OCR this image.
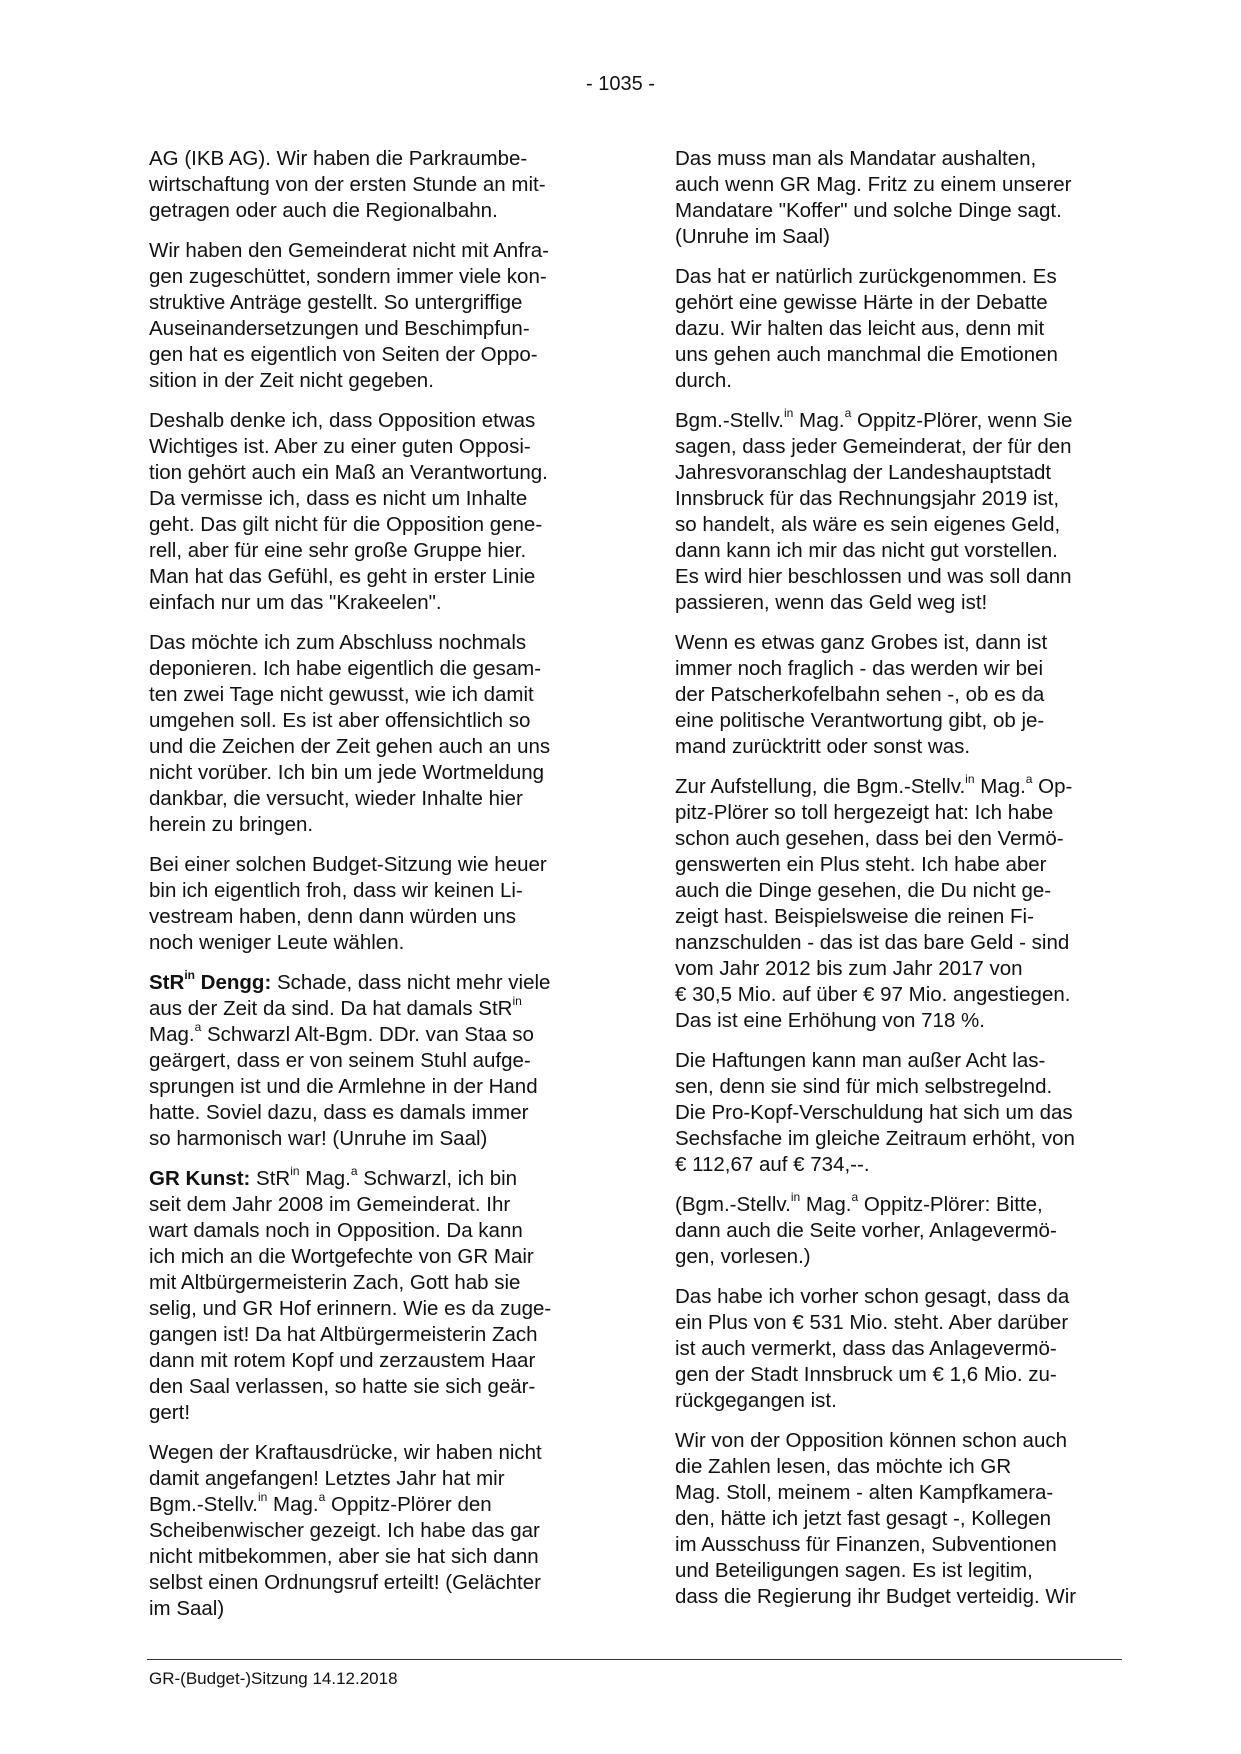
- 1035 -

AG (IKB AG). Wir haben die Parkraumbe-
wirtschaftung von der ersten Stunde an mit-
getragen oder auch die Regionalbahn.

Wir haben den Gemeinderat nicht mit Anfra-
gen zugeschüttet, sondern immer viele kon-
struktive Anträge gestellt. So untergriffige
Auseinandersetzungen und Beschimpfun-
gen hat es eigentlich von Seiten der Oppo-
sition in der Zeit nicht gegeben.

Deshalb denke ich, dass Opposition etwas
Wichtiges ist. Aber zu einer guten Opposi-
tion gehört auch ein Maß an Verantwortung.
Da vermisse ich, dass es nicht um Inhalte
geht. Das gilt nicht für die Opposition gene-
rell, aber für eine sehr große Gruppe hier.
Man hat das Gefühl, es geht in erster Linie
einfach nur um das "Krakeelen".

Das möchte ich zum Abschluss nochmals
deponieren. Ich habe eigentlich die gesam-
ten zwei Tage nicht gewusst, wie ich damit
umgehen soll. Es ist aber offensichtlich so
und die Zeichen der Zeit gehen auch an uns
nicht vorüber. Ich bin um jede Wortmeldung
dankbar, die versucht, wieder Inhalte hier
herein zu bringen.

Bei einer solchen Budget-Sitzung wie heuer
bin ich eigentlich froh, dass wir keinen Li-
vestream haben, denn dann würden uns
noch weniger Leute wählen.

StR$^{in}$ Dengg: Schade, dass nicht mehr viele
aus der Zeit da sind. Da hat damals StR$^{in}$
Mag.$^a$ Schwarzl Alt-Bgm. DDr. van Staa so
geärgert, dass er von seinem Stuhl aufge-
sprungen ist und die Armlehne in der Hand
hatte. Soviel dazu, dass es damals immer
so harmonisch war! (Unruhe im Saal)

GR Kunst: StR$^{in}$ Mag.$^a$ Schwarzl, ich bin
seit dem Jahr 2008 im Gemeinderat. Ihr
wart damals noch in Opposition. Da kann
ich mich an die Wortgefechte von GR Mair
mit Altbürgermeisterin Zach, Gott hab sie
selig, und GR Hof erinnern. Wie es da zuge-
gangen ist! Da hat Altbürgermeisterin Zach
dann mit rotem Kopf und zerzaustem Haar
den Saal verlassen, so hatte sie sich geär-
gert!

Wegen der Kraftausdrücke, wir haben nicht
damit angefangen! Letztes Jahr hat mir
Bgm.-Stellv.$^{in}$ Mag.$^a$ Oppitz-Plörer den
Scheibenwischer gezeigt. Ich habe das gar
nicht mitbekommen, aber sie hat sich dann
selbst einen Ordnungsruf erteilt! (Gelächter
im Saal)

Das muss man als Mandatar aushalten,
auch wenn GR Mag. Fritz zu einem unserer
Mandatare "Koffer" und solche Dinge sagt.
(Unruhe im Saal)

Das hat er natürlich zurückgenommen. Es
gehört eine gewisse Härte in der Debatte
dazu. Wir halten das leicht aus, denn mit
uns gehen auch manchmal die Emotionen
durch.

Bgm.-Stellv.$^{in}$ Mag.$^a$ Oppitz-Plörer, wenn Sie
sagen, dass jeder Gemeinderat, der für den
Jahresvoranschlag der Landeshauptstadt
Innsbruck für das Rechnungsjahr 2019 ist,
so handelt, als wäre es sein eigenes Geld,
dann kann ich mir das nicht gut vorstellen.
Es wird hier beschlossen und was soll dann
passieren, wenn das Geld weg ist!

Wenn es etwas ganz Grobes ist, dann ist
immer noch fraglich - das werden wir bei
der Patscherkofelbahn sehen -, ob es da
eine politische Verantwortung gibt, ob je-
mand zurücktritt oder sonst was.

Zur Aufstellung, die Bgm.-Stellv.$^{in}$ Mag.$^a$ Op-
pitz-Plörer so toll hergezeigt hat: Ich habe
schon auch gesehen, dass bei den Vermö-
genswerten ein Plus steht. Ich habe aber
auch die Dinge gesehen, die Du nicht ge-
zeigt hast. Beispielsweise die reinen Fi-
nanzschulden - das ist das bare Geld - sind
vom Jahr 2012 bis zum Jahr 2017 von
€ 30,5 Mio. auf über € 97 Mio. angestiegen.
Das ist eine Erhöhung von 718 %.

Die Haftungen kann man außer Acht las-
sen, denn sie sind für mich selbstregelnd.
Die Pro-Kopf-Verschuldung hat sich um das
Sechsfache im gleiche Zeitraum erhöht, von
€ 112,67 auf € 734,--.

(Bgm.-Stellv.$^{in}$ Mag.$^a$ Oppitz-Plörer: Bitte,
dann auch die Seite vorher, Anlagevermö-
gen, vorlesen.)

Das habe ich vorher schon gesagt, dass da
ein Plus von € 531 Mio. steht. Aber darüber
ist auch vermerkt, dass das Anlagevermö-
gen der Stadt Innsbruck um € 1,6 Mio. zu-
rückgegangen ist.

Wir von der Opposition können schon auch
die Zahlen lesen, das möchte ich GR
Mag. Stoll, meinem - alten Kampfkamera-
den, hätte ich jetzt fast gesagt -, Kollegen
im Ausschuss für Finanzen, Subventionen
und Beteiligungen sagen. Es ist legitim,
dass die Regierung ihr Budget verteidig. Wir

GR-(Budget-)Sitzung 14.12.2018
